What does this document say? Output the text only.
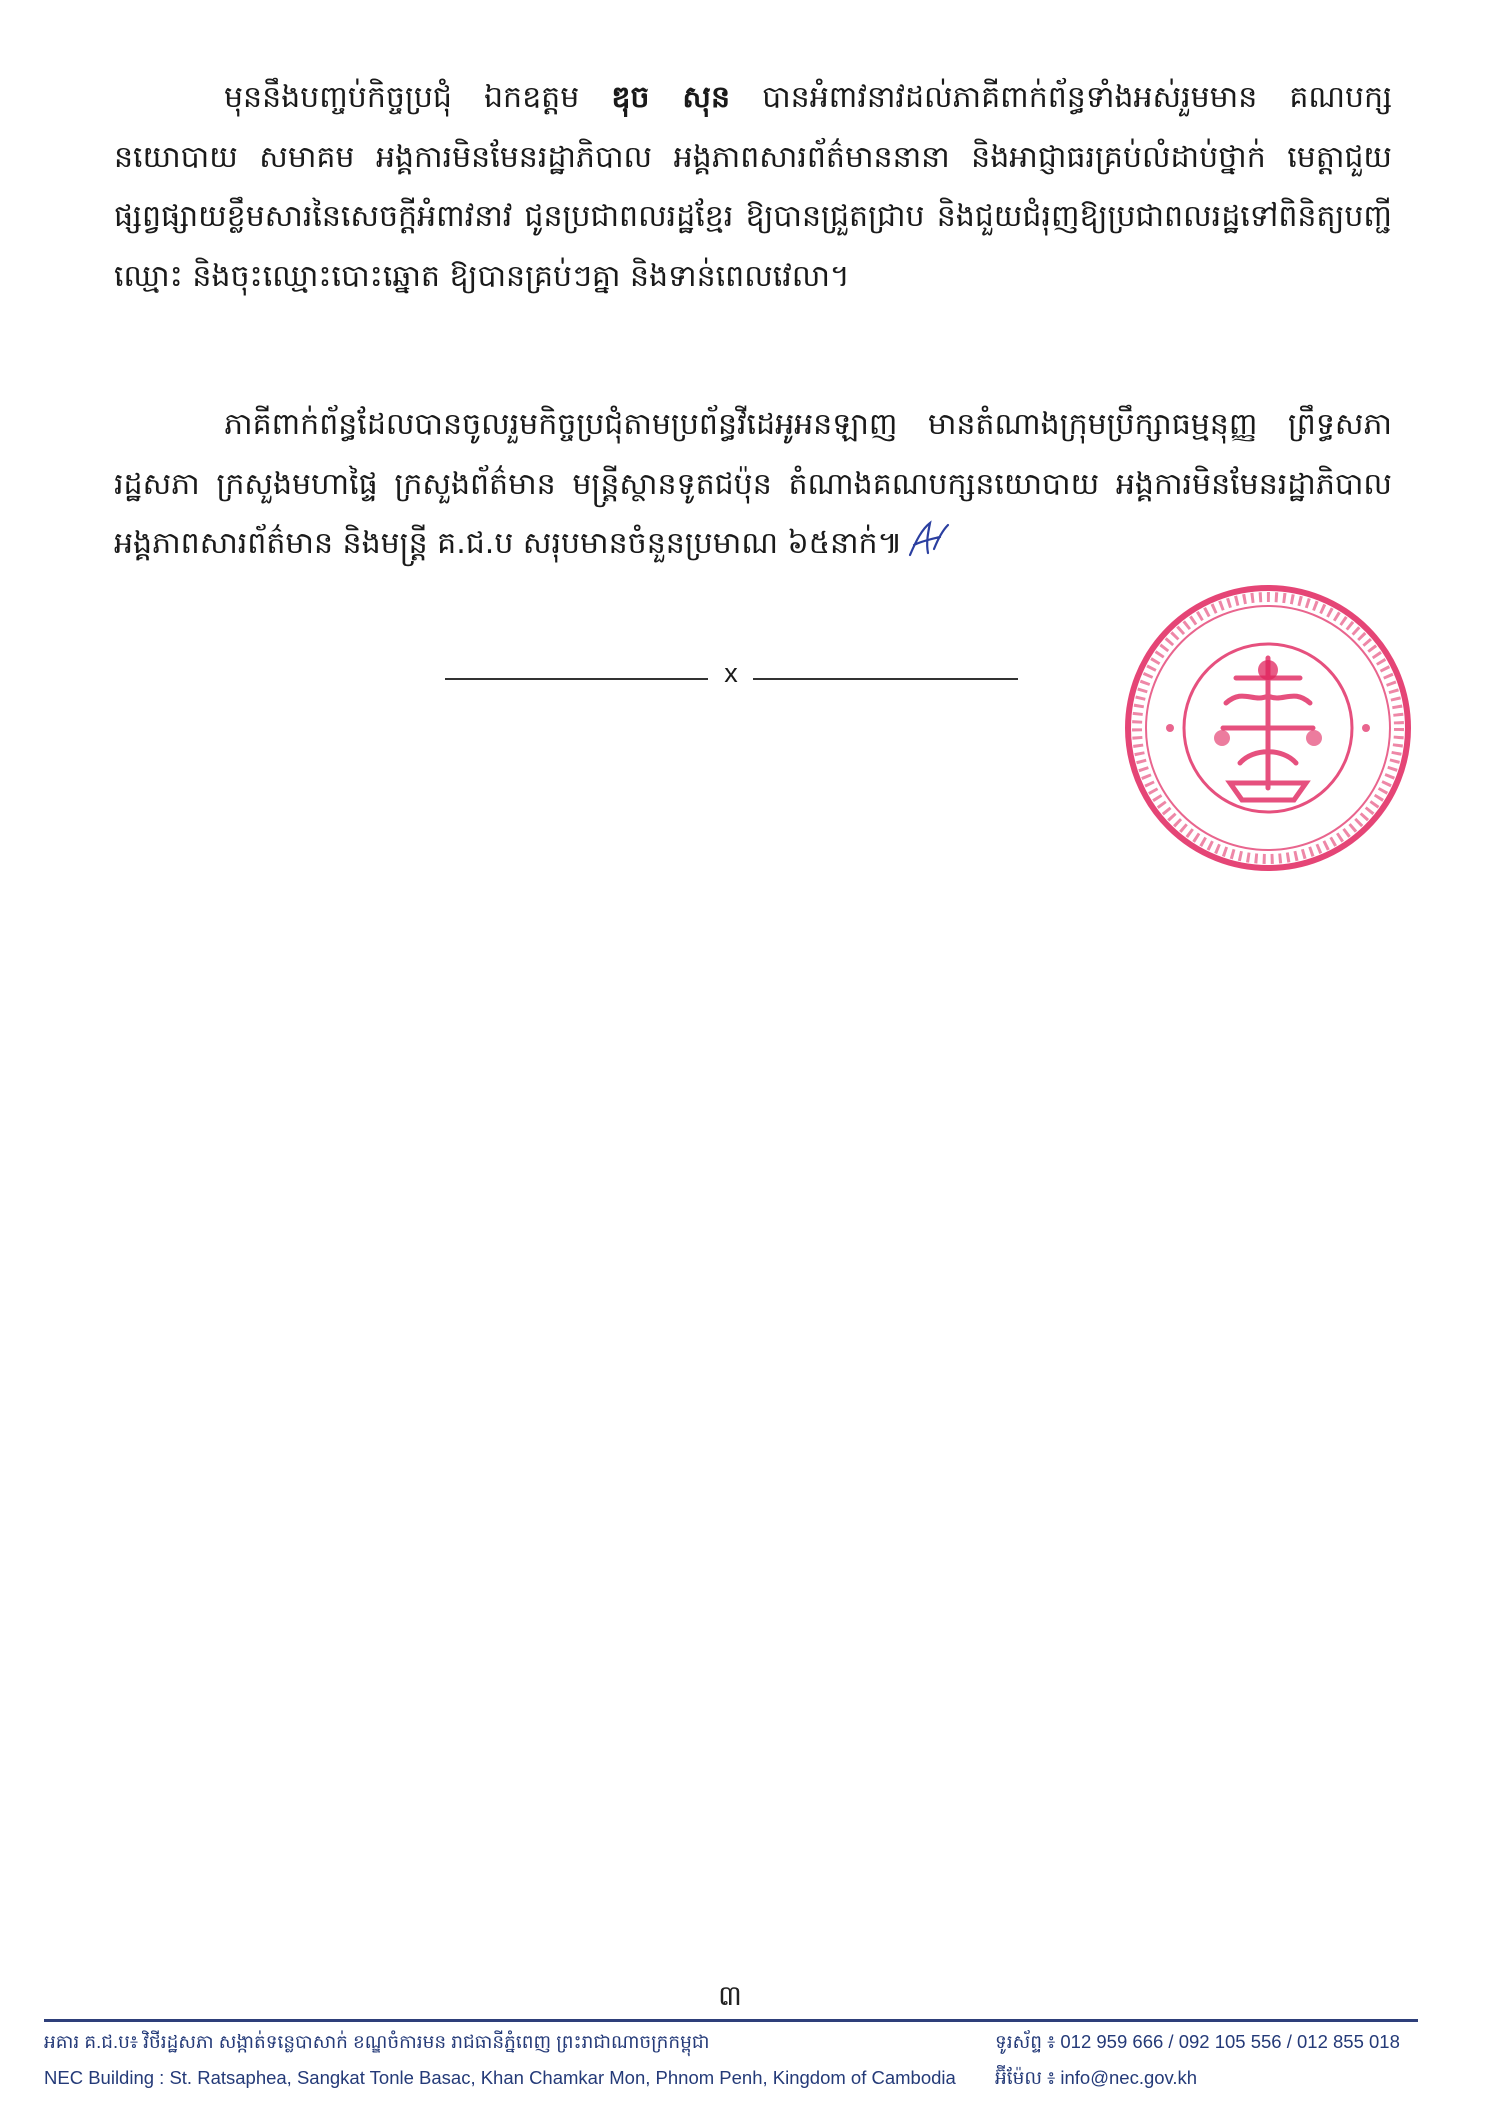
មុននឹងបញ្ចប់កិច្ចប្រជុំ ឯកឧត្តម ឌុច សុន បានអំពាវនាវដល់ភាគីពាក់ព័ន្ធទាំងអស់រួមមាន គណបក្សនយោបាយ សមាគម អង្គការមិនមែនរដ្ឋាភិបាល អង្គភាពសារព័ត៌មាននានា និងអាជ្ញាធរគ្រប់លំដាប់ថ្នាក់ មេត្តាជួយផ្សព្វផ្សាយខ្លឹមសារនៃសេចក្តីអំពាវនាវ ជូនប្រជាពលរដ្ឋខ្មែរ ឱ្យបានជ្រួតជ្រាប និងជួយជំរុញឱ្យប្រជាពលរដ្ឋទៅពិនិត្យបញ្ជីឈ្មោះ និងចុះឈ្មោះបោះឆ្នោត ឱ្យបានគ្រប់ៗគ្នា និងទាន់ពេលវេលា។
ភាគីពាក់ព័ន្ធដែលបានចូលរួមកិច្ចប្រជុំតាមប្រព័ន្ធវីដេអូអនឡាញ មានតំណាងក្រុមប្រឹក្សាធម្មនុញ្ញ ព្រឹទ្ធសភា រដ្ឋសភា ក្រសួងមហាផ្ទៃ ក្រសួងព័ត៌មាន មន្ត្រីស្ថានទូតជប៉ុន តំណាងគណបក្សនយោបាយ អង្គការមិនមែនរដ្ឋាភិបាល អង្គភាពសារព័ត៌មាន និងមន្ត្រី គ.ជ.ប សរុបមានចំនួនប្រមាណ ៦៥នាក់៕
x
៣
អគារ គ.ជ.ប៖ វិថីរដ្ឋសភា សង្កាត់ទន្លេបាសាក់ ខណ្ឌចំការមន រាជធានីភ្នំពេញ ព្រះរាជាណាចក្រកម្ពុជា
NEC Building : St. Ratsaphea, Sangkat Tonle Basac, Khan Chamkar Mon, Phnom Penh, Kingdom of Cambodia
ទូរស័ព្ទ ៖ 012 959 666 / 092 105 556 / 012 855 018
អ៊ីម៉ែល ៖ info@nec.gov.kh
